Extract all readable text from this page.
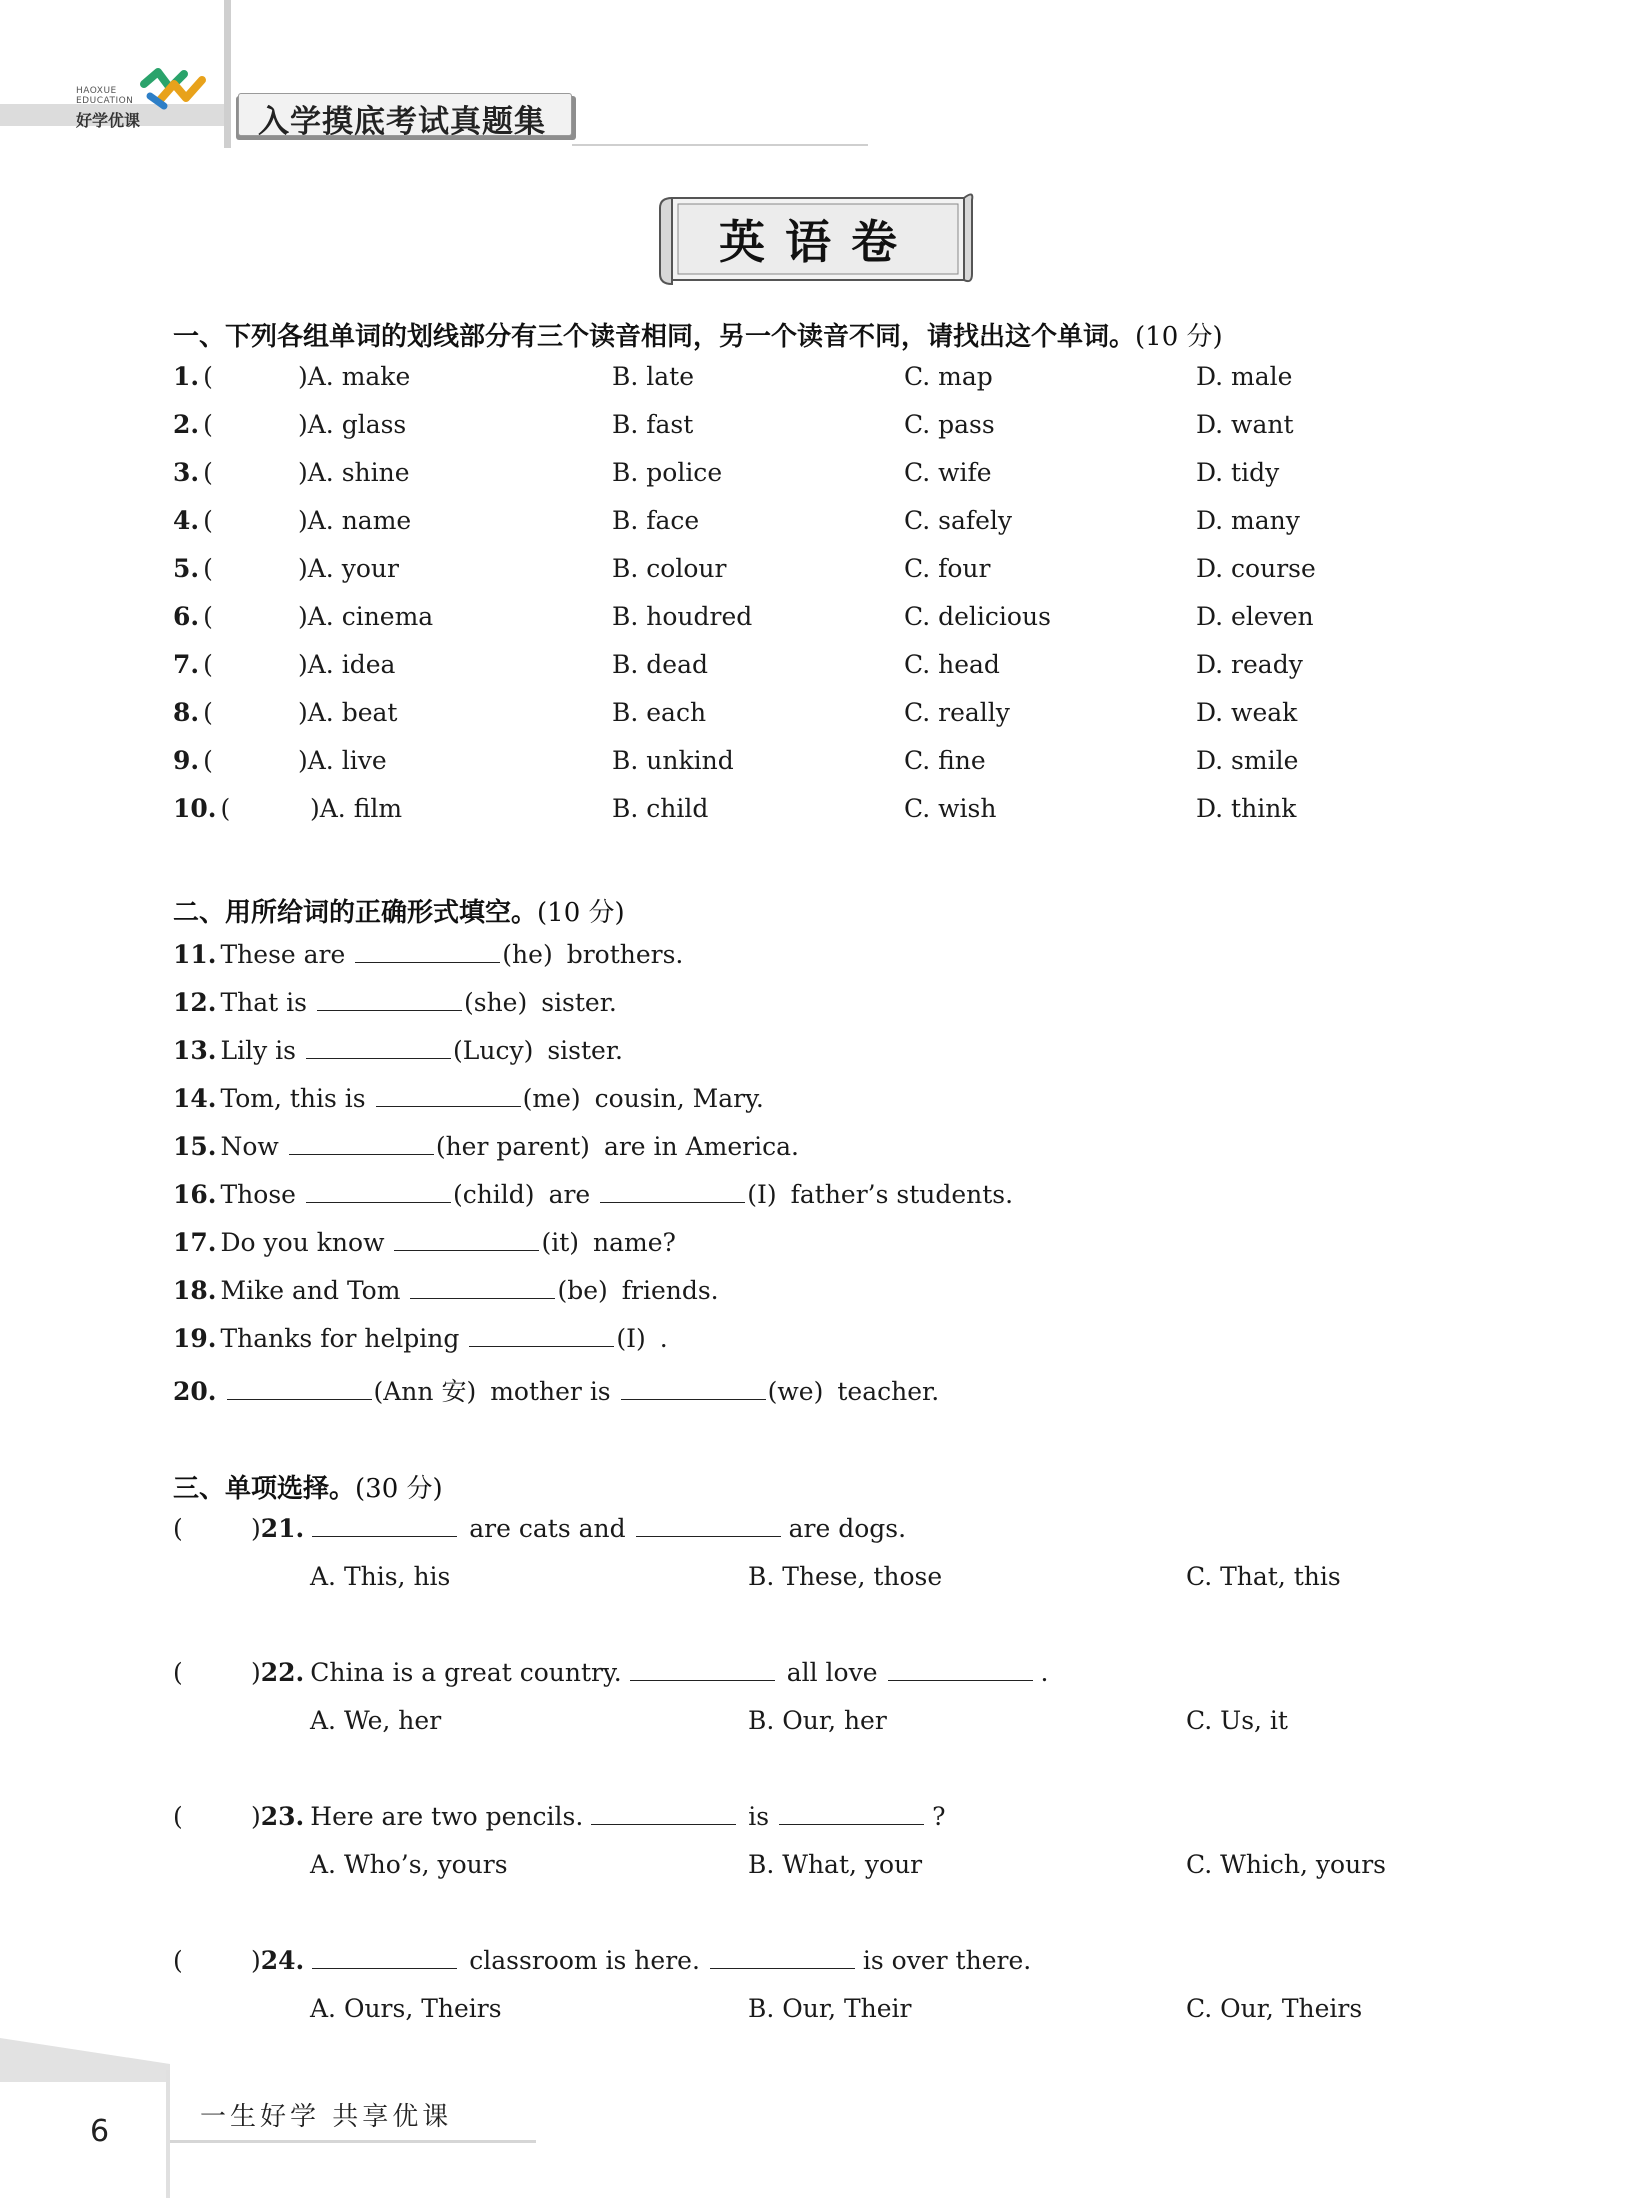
HAOXUE
EDUCATION
好学优课	入学摸底考试真题集
英语卷
一、下列各组单词的划线部分有三个读音相同，另一个读音不同，请找出这个单词。(10 分)
1. (	)A. make	B. late	C. map	D. male
2. (	)A. glass	B. fast	C. pass	D. want
3. (	)A. shine	B. police	C. wife	D. tidy
4. (	)A. name	B. face	C. safely	D. many
5. (	)A. your	B. colour	C. four	D. course
6. (	)A. cinema	B. houdred	C. delicious	D. eleven
7. (	)A. idea	B. dead	C. head	D. ready
8. (	)A. beat	B. each	C. really	D. weak
9. (	)A. live	B. unkind	C. fine	D. smile
10. (	)A. film	B. child	C. wish	D. think
二、用所给词的正确形式填空。(10 分)
11. These are	(he) brothers.
12. That is	(she) sister.
13. Lily is	(Lucy) sister.
14. Tom, this is	(me) cousin, Mary.
15. Now	(her parent) are in America.
16. Those	(child) are	(I) father’s students.
17. Do you know	(it) name?
18. Mike and Tom	(be) friends.
19. Thanks for helping	(I) .
20.	(Ann 安) mother is	(we) teacher.
三、单项选择。(30 分)
(	)21.	are cats and	are dogs.
A. This, his	B. These, those	C. That, this
(	)22. China is a great country.	all love	.
A. We, her	B. Our, her	C. Us, it
(	)23. Here are two pencils.	is	?
A. Who’s, yours	B. What, your	C. Which, yours
(	)24.	classroom is here.	is over there.
A. Ours, Theirs	B. Our, Their	C. Our, Theirs
6	一生好学 共享优课
